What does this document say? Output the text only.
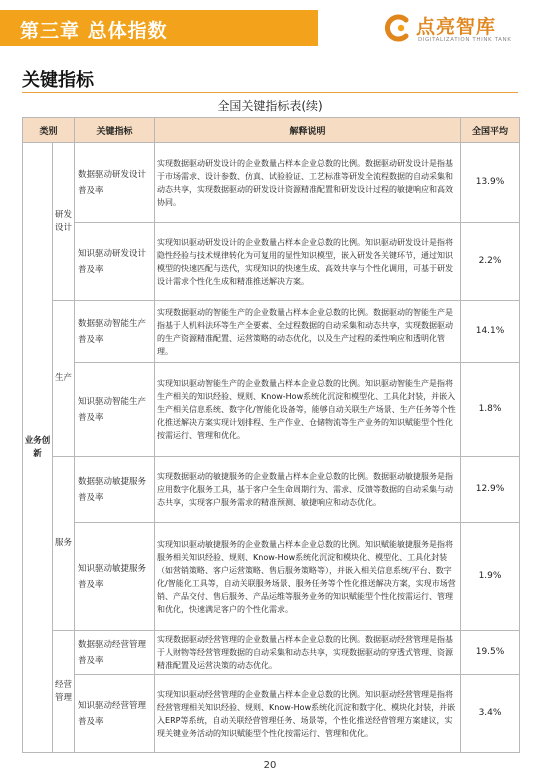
第三章 总体指数	点亮智库
DIGITALIZATION THINK TANK
关键指标
全国关键指标表(续)
类别		关键指标	解释说明	全国平均
业务创新	研发设计	数据驱动研发设计普及率	实现数据驱动研发设计的企业数量占样本企业总数的比例。数据驱动研发设计是指基于市场需求、设计参数、仿真、试验验证、工艺标准等研发全流程数据的自动采集和动态共享，实现数据驱动的研发设计资源精准配置和研发设计过程的敏捷响应和高效协同。	13.9%
		知识驱动研发设计普及率	实现知识驱动研发设计的企业数量占样本企业总数的比例。知识驱动研发设计是指将隐性经验与技术规律转化为可复用的显性知识模型，嵌入研发各关键环节，通过知识模型的快速匹配与迭代，实现知识的快速生成、高效共享与个性化调用，可基于研发设计需求个性化生成和精准推送解决方案。	2.2%
	生产	数据驱动智能生产普及率	实现数据驱动的智能生产的企业数量占样本企业总数的比例。数据驱动的智能生产是指基于人机料法环等生产全要素、全过程数据的自动采集和动态共享，实现数据驱动的生产资源精准配置、运营策略的动态优化，以及生产过程的柔性响应和透明化管理。	14.1%
		知识驱动智能生产普及率	实现知识驱动智能生产的企业数量占样本企业总数的比例。知识驱动智能生产是指将生产相关的知识经验、规则、Know-How系统化沉淀和模型化、工具化封装，并嵌入生产相关信息系统、数字化/智能化设备等，能够自动关联生产场景、生产任务等个性化推送解决方案实现计划排程、生产作业、仓储物流等生产业务的知识赋能型个性化按需运行、管理和优化。	1.8%
	服务	数据驱动敏捷服务普及率	实现数据驱动的敏捷服务的企业数量占样本企业总数的比例。数据驱动敏捷服务是指应用数字化服务工具，基于客户全生命周期行为、需求、反馈等数据的自动采集与动态共享，实现客户服务需求的精准预测、敏捷响应和动态优化。	12.9%
		知识驱动敏捷服务普及率	实现知识驱动敏捷服务的企业数量占样本企业总数的比例。知识赋能敏捷服务是指将服务相关知识经验、规则、Know-How系统化沉淀和模块化、模型化、工具化封装（如营销策略、客户运营策略、售后服务策略等），并嵌入相关信息系统/平台、数字化/智能化工具等，自动关联服务场景、服务任务等个性化推送解决方案，实现市场营销、产品交付、售后服务、产品运维等服务业务的知识赋能型个性化按需运行、管理和优化，快速满足客户的个性化需求。	1.9%
	经营管理	数据驱动经营管理普及率	实现数据驱动经营管理的企业数量占样本企业总数的比例。数据驱动经营管理是指基于人财物等经营管理数据的自动采集和动态共享，实现数据驱动的穿透式管理、资源精准配置及运营决策的动态优化。	19.5%
		知识驱动经营管理普及率	实现知识驱动经营管理的企业数量占样本企业总数的比例。知识驱动经营管理是指将经营管理相关知识经验、规则、Know-How系统化沉淀和数字化、模块化封装，并嵌入ERP等系统，自动关联经营管理任务、场景等，个性化推送经营管理方案建议，实现关键业务活动的知识赋能型个性化按需运行、管理和优化。	3.4%
20
